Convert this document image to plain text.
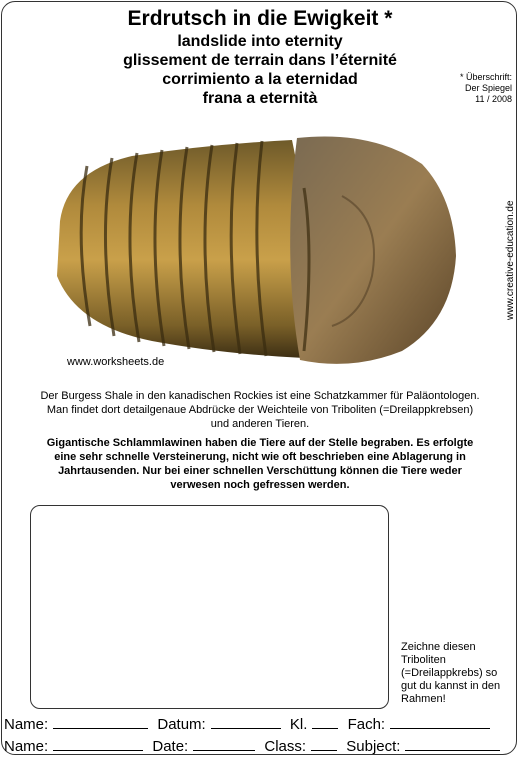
Erdrutsch in die Ewigkeit *
landslide into eternity
glissement de terrain dans l’éternité
corrimiento a la eternidad
frana a eternità
* Überschrift:
Der Spiegel
11 / 2008
www.creative-education.de
www.worksheets.de
Der Burgess Shale in den kanadischen Rockies ist eine Schatzkammer für Paläontologen. Man findet dort detailgenaue Abdrücke der Weichteile von Triboliten (=Dreilappkrebsen) und anderen Tieren.
Gigantische Schlammlawinen haben die Tiere auf der Stelle begraben. Es erfolgte eine sehr schnelle Versteinerung, nicht wie oft beschrieben eine Ablagerung in Jahrtausenden. Nur bei einer schnellen Verschüttung können die Tiere weder verwesen noch gefressen werden.
Zeichne diesen Triboliten (=Dreilappkrebs) so gut du kannst in den Rahmen!
Name:	Datum:	Kl.	Fach:
Name:	Date:	Class:	Subject:
